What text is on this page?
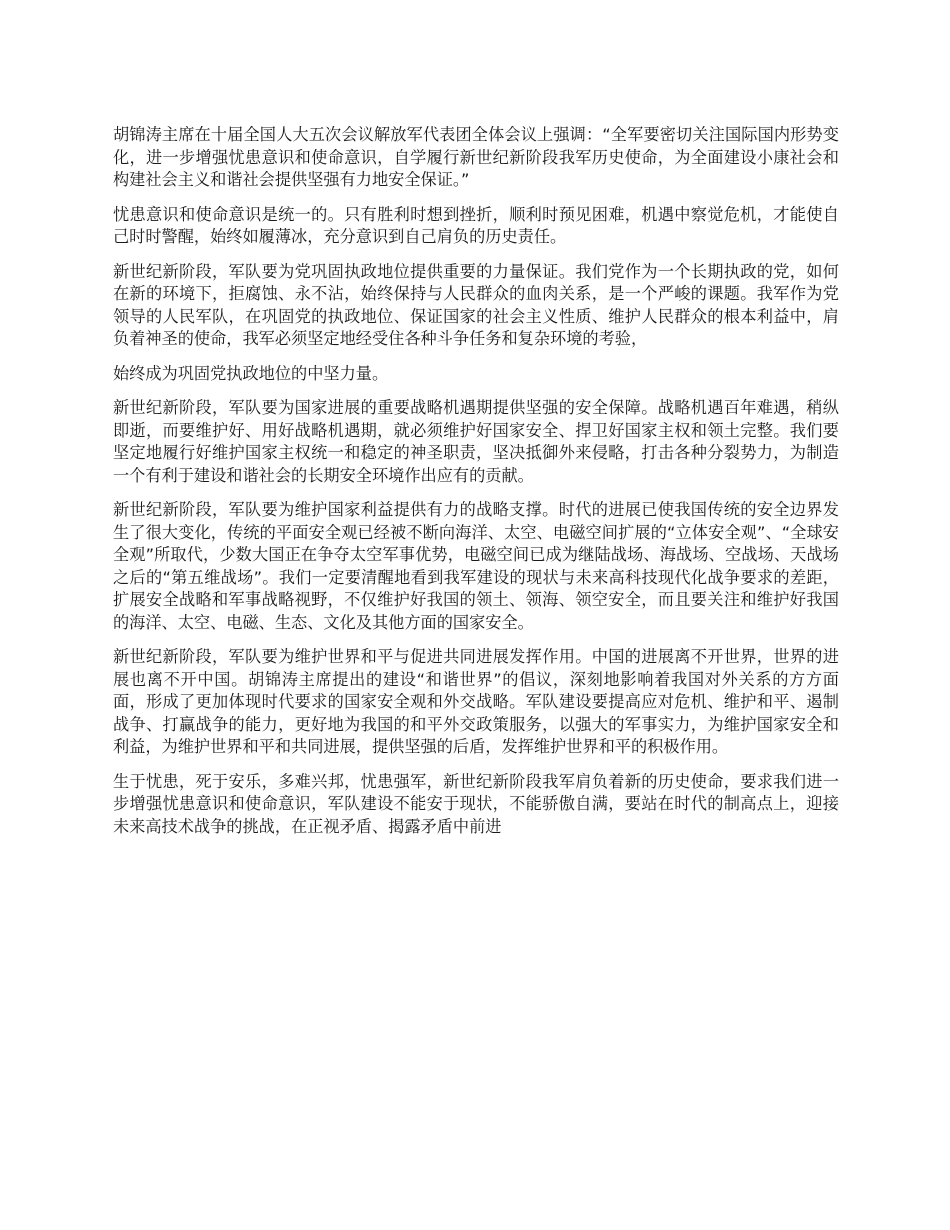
胡锦涛主席在十届全国人大五次会议解放军代表团全体会议上强调：“全军要密切关注国际国内形势变化，进一步增强忧患意识和使命意识，自学履行新世纪新阶段我军历史使命，为全面建设小康社会和构建社会主义和谐社会提供坚强有力地安全保证。”

忧患意识和使命意识是统一的。只有胜利时想到挫折，顺利时预见困难，机遇中察觉危机，才能使自己时时警醒，始终如履薄冰，充分意识到自己肩负的历史责任。

新世纪新阶段，军队要为党巩固执政地位提供重要的力量保证。我们党作为一个长期执政的党，如何在新的环境下，拒腐蚀、永不沾，始终保持与人民群众的血肉关系，是一个严峻的课题。我军作为党领导的人民军队，在巩固党的执政地位、保证国家的社会主义性质、维护人民群众的根本利益中，肩负着神圣的使命，我军必须坚定地经受住各种斗争任务和复杂环境的考验，

始终成为巩固党执政地位的中坚力量。

新世纪新阶段，军队要为国家进展的重要战略机遇期提供坚强的安全保障。战略机遇百年难遇，稍纵即逝，而要维护好、用好战略机遇期，就必须维护好国家安全、捍卫好国家主权和领土完整。我们要坚定地履行好维护国家主权统一和稳定的神圣职责，坚决抵御外来侵略，打击各种分裂势力，为制造一个有利于建设和谐社会的长期安全环境作出应有的贡献。

新世纪新阶段，军队要为维护国家利益提供有力的战略支撑。时代的进展已使我国传统的安全边界发生了很大变化，传统的平面安全观已经被不断向海洋、太空、电磁空间扩展的“立体安全观”、“全球安全观”所取代，少数大国正在争夺太空军事优势，电磁空间已成为继陆战场、海战场、空战场、天战场之后的“第五维战场”。我们一定要清醒地看到我军建设的现状与未来高科技现代化战争要求的差距，扩展安全战略和军事战略视野，不仅维护好我国的领土、领海、领空安全，而且要关注和维护好我国的海洋、太空、电磁、生态、文化及其他方面的国家安全。

新世纪新阶段，军队要为维护世界和平与促进共同进展发挥作用。中国的进展离不开世界，世界的进展也离不开中国。胡锦涛主席提出的建设“和谐世界”的倡议，深刻地影响着我国对外关系的方方面面，形成了更加体现时代要求的国家安全观和外交战略。军队建设要提高应对危机、维护和平、遏制战争、打赢战争的能力，更好地为我国的和平外交政策服务，以强大的军事实力，为维护国家安全和利益，为维护世界和平和共同进展，提供坚强的后盾，发挥维护世界和平的积极作用。

生于忧患，死于安乐，多难兴邦，忧患强军，新世纪新阶段我军肩负着新的历史使命，要求我们进一步增强忧患意识和使命意识，军队建设不能安于现状，不能骄傲自满，要站在时代的制高点上，迎接未来高技术战争的挑战，在正视矛盾、揭露矛盾中前进
